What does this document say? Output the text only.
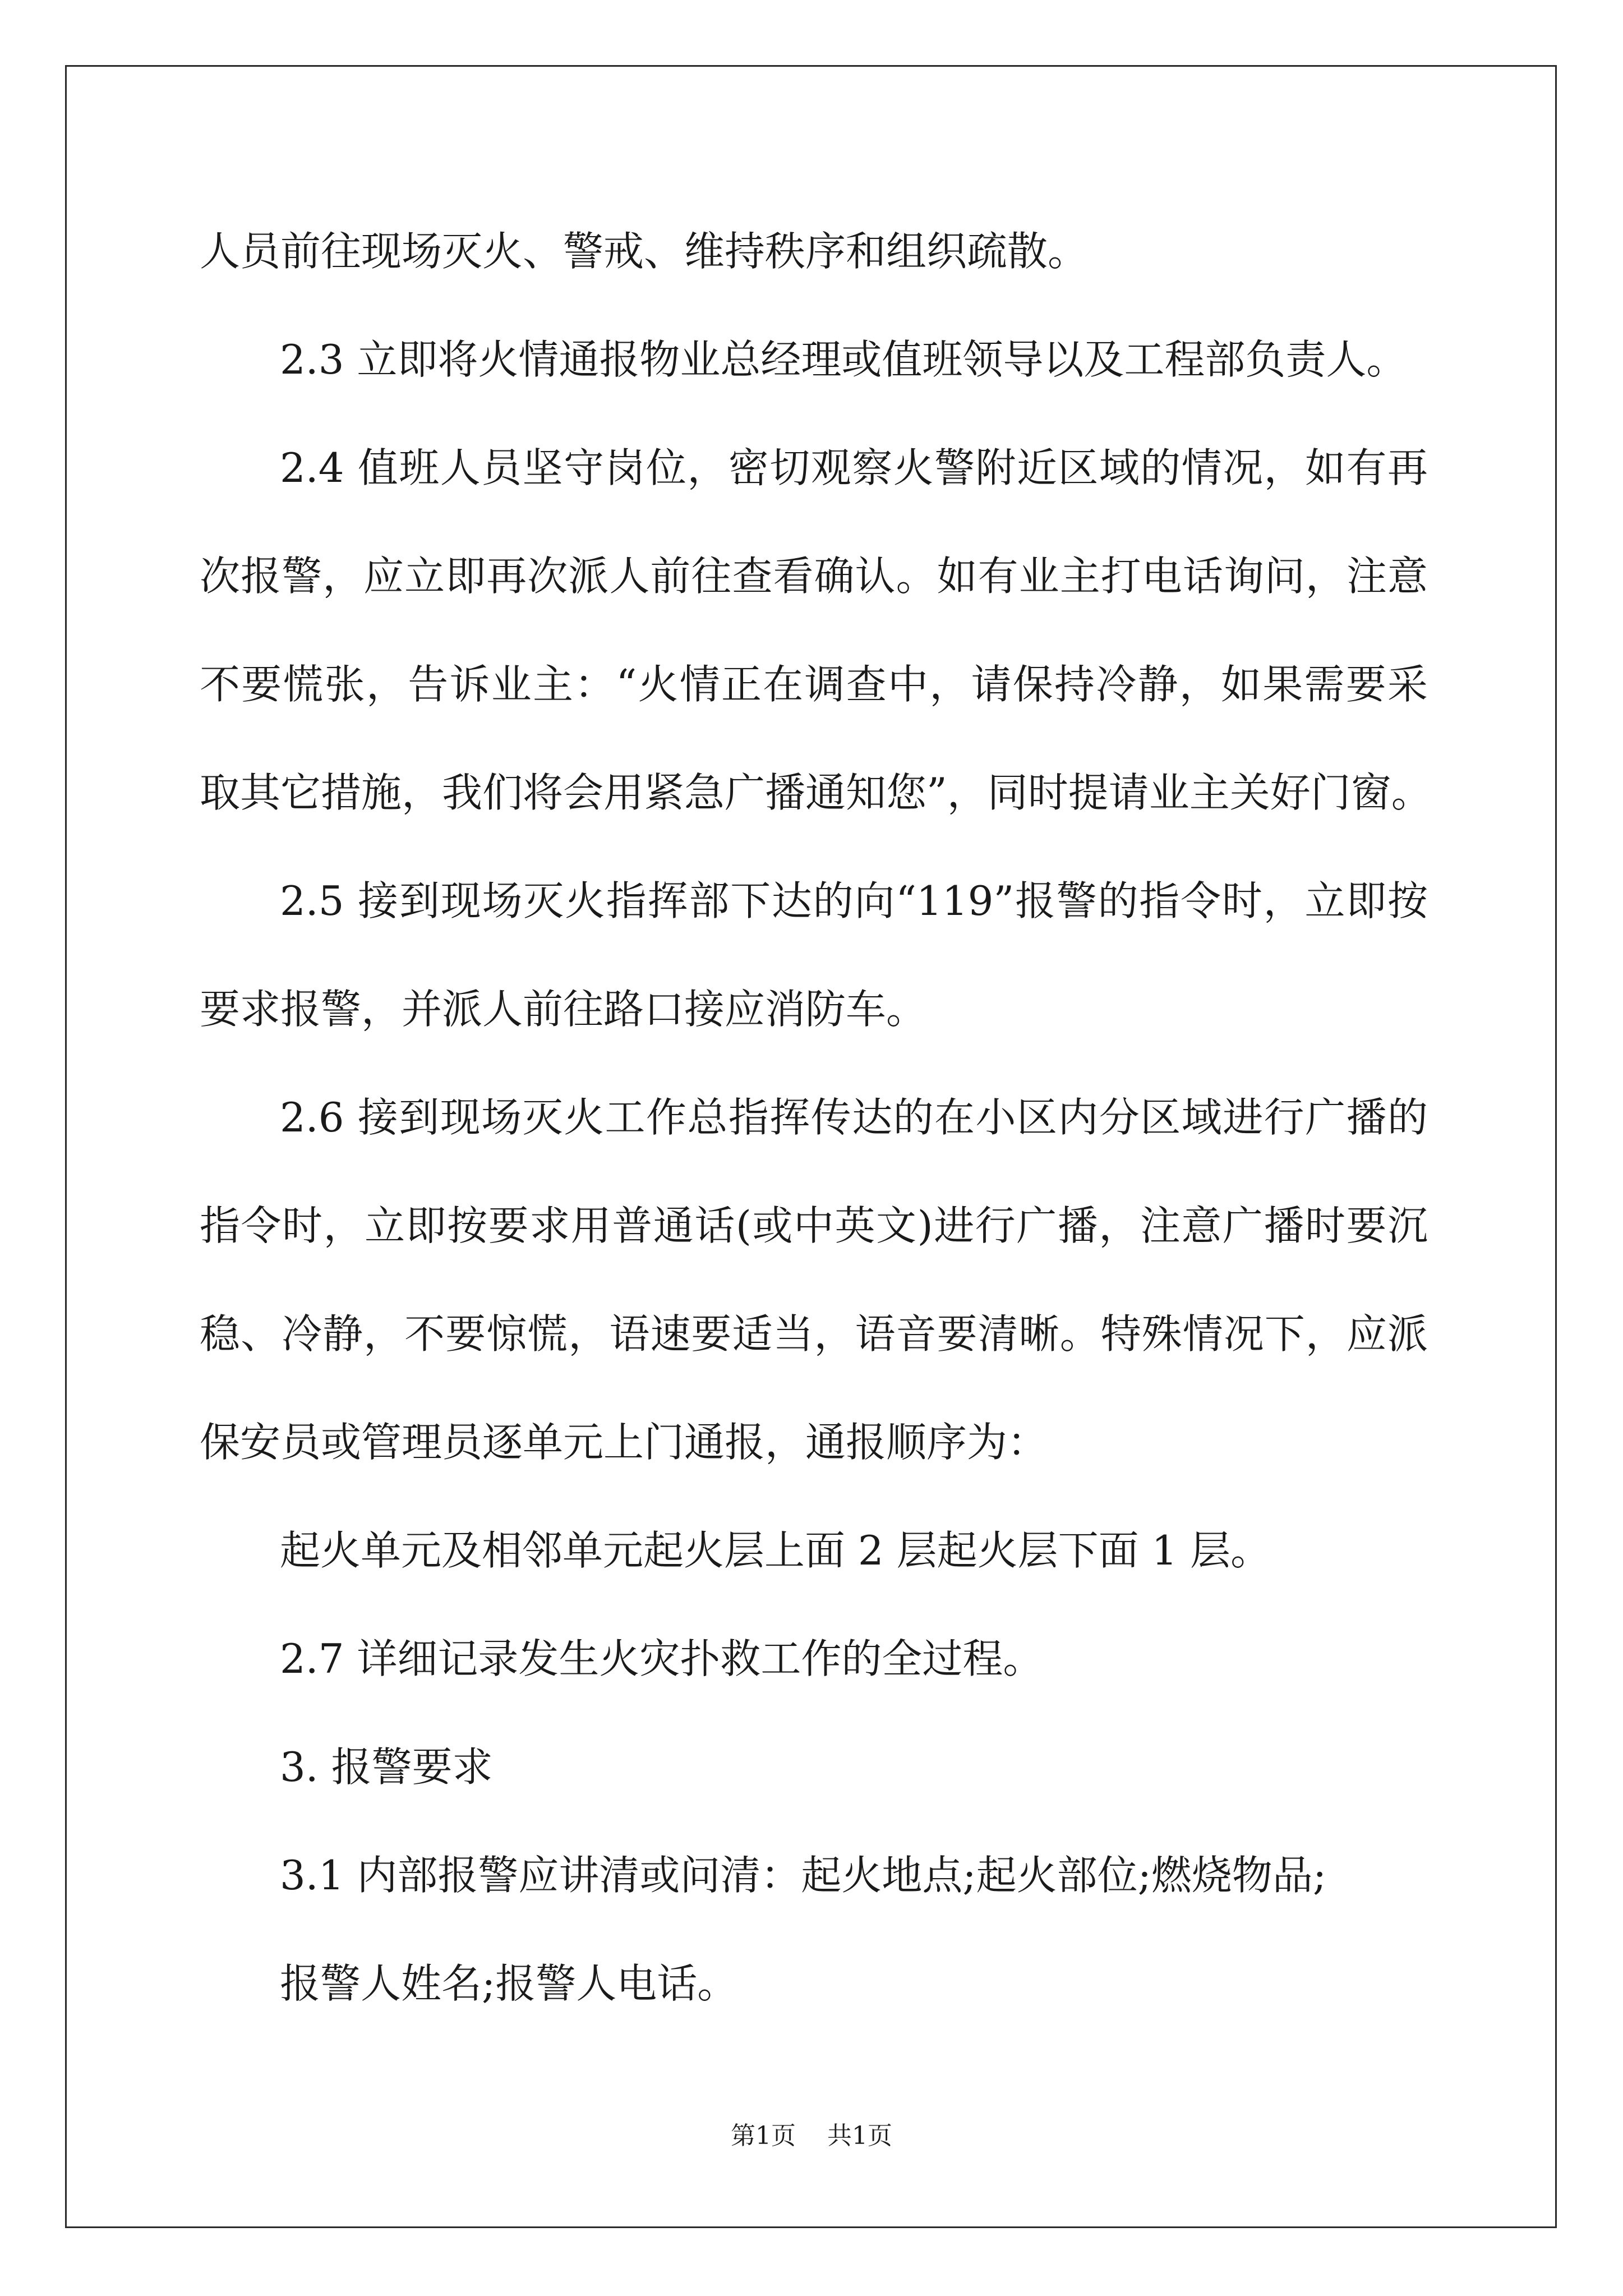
人员前往现场灭火、警戒、维持秩序和组织疏散。
2.3 立即将火情通报物业总经理或值班领导以及工程部负责人。
2.4 值班人员坚守岗位，密切观察火警附近区域的情况，如有再
次报警，应立即再次派人前往查看确认。如有业主打电话询问，注意
不要慌张，告诉业主：“火情正在调查中，请保持冷静，如果需要采
取其它措施，我们将会用紧急广播通知您”，同时提请业主关好门窗。
2.5 接到现场灭火指挥部下达的向“119”报警的指令时，立即按
要求报警，并派人前往路口接应消防车。
2.6 接到现场灭火工作总指挥传达的在小区内分区域进行广播的
指令时，立即按要求用普通话(或中英文)进行广播，注意广播时要沉
稳、冷静，不要惊慌，语速要适当，语音要清晰。特殊情况下，应派
保安员或管理员逐单元上门通报，通报顺序为：
起火单元及相邻单元起火层上面 2 层起火层下面 1 层。
2.7 详细记录发生火灾扑救工作的全过程。
3. 报警要求
3.1 内部报警应讲清或问清：起火地点;起火部位;燃烧物品;
报警人姓名;报警人电话。
第1页 共1页
